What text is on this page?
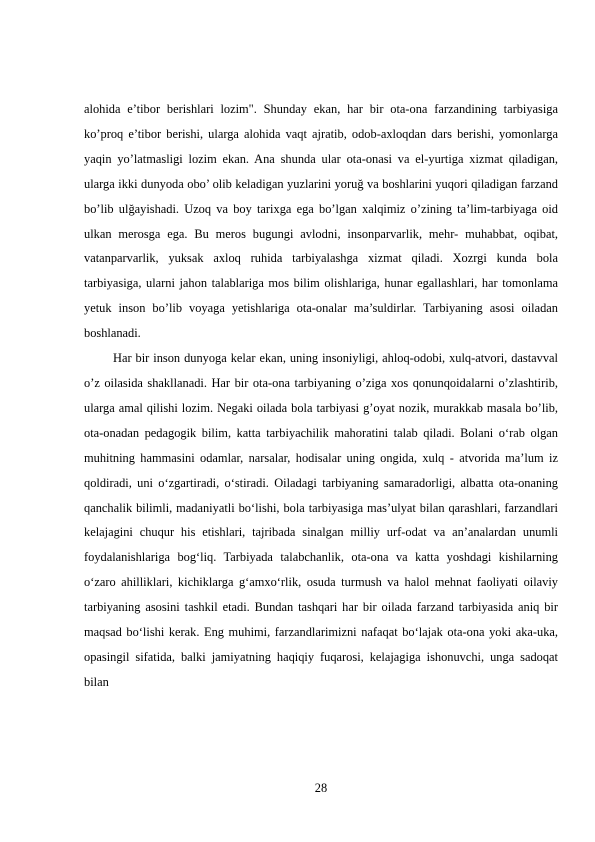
alohida e’tibor berishlari lozim". Shunday ekan, har bir ota-ona farzandining tarbiyasiga ko’proq e’tibor berishi, ularga alohida vaqt ajratib, odob-axloqdan dars berishi, yomonlarga yaqin yo’latmasligi lozim ekan. Ana shunda ular ota-onasi va el-yurtiga xizmat qiladigan, ularga ikki dunyoda obo’ olib keladigan yuzlarini yoruğ va boshlarini yuqori qiladigan farzand bo’lib ulğayishadi. Uzoq va boy tarixga ega bo’lgan xalqimiz o’zining ta’lim-tarbiyaga oid ulkan merosga ega. Bu meros bugungi avlodni, insonparvarlik, mehr- muhabbat, oqibat, vatanparvarlik, yuksak axloq ruhida tarbiyalashga xizmat qiladi. Xozrgi kunda bola tarbiyasiga, ularni jahon talablariga mos bilim olishlariga, hunar egallashlari, har tomonlama yetuk inson bo’lib voyaga yetishlariga ota-onalar ma’suldirlar. Tarbiyaning asosi oiladan boshlanadi.

Har bir inson dunyoga kelar ekan, uning insoniyligi, ahloq-odobi, xulq-atvori, dastavval o’z oilasida shakllanadi. Har bir ota-ona tarbiyaning o’ziga xos qonunqoidalarni o’zlashtirib, ularga amal qilishi lozim. Negaki oilada bola tarbiyasi g’oyat nozik, murakkab masala bo’lib, ota-onadan pedagogik bilim, katta tarbiyachilik mahoratini talab qiladi. Bolani o‘rab olgan muhitning hammasini odamlar, narsalar, hodisalar uning ongida, xulq - atvorida ma’lum iz qoldiradi, uni o‘zgartiradi, o‘stiradi. Oiladagi tarbiyaning samaradorligi, albatta ota-onaning qanchalik bilimli, madaniyatli bo‘lishi, bola tarbiyasiga mas’ulyat bilan qarashlari, farzandlari kelajagini chuqur his etishlari, tajribada sinalgan milliy urf-odat va an’analardan unumli foydalanishlariga bog‘liq. Tarbiyada talabchanlik, ota-ona va katta yoshdagi kishilarning o‘zaro ahilliklari, kichiklarga g‘amxo‘rlik, osuda turmush va halol mehnat faoliyati oilaviy tarbiyaning asosini tashkil etadi. Bundan tashqari har bir oilada farzand tarbiyasida aniq bir maqsad bo‘lishi kerak. Eng muhimi, farzandlarimizni nafaqat bo‘lajak ota-ona yoki aka-uka, opasingil sifatida, balki jamiyatning haqiqiy fuqarosi, kelajagiga ishonuvchi, unga sadoqat bilan

28
